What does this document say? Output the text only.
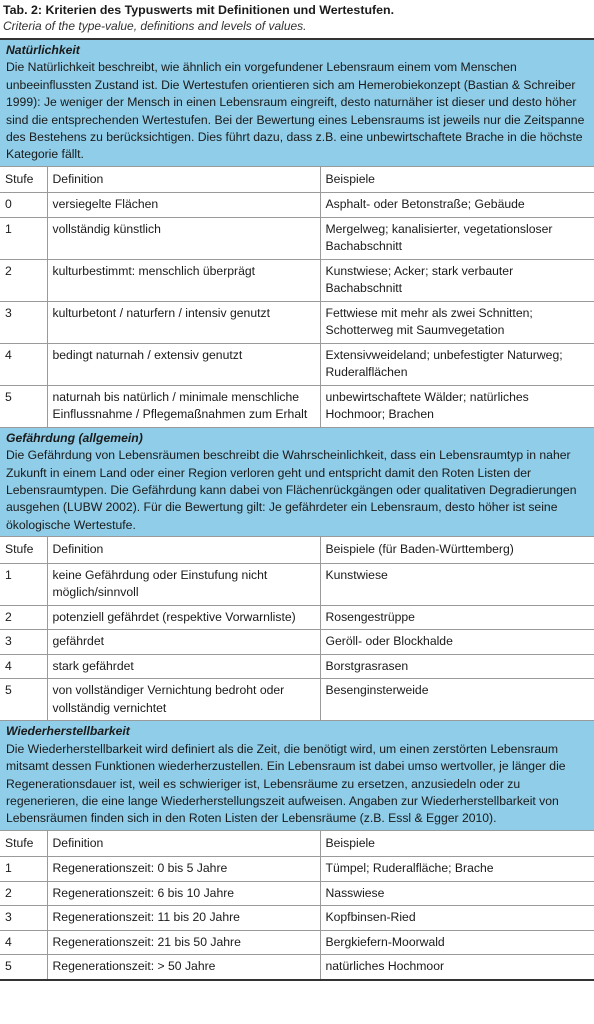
Tab. 2: Kriterien des Typuswerts mit Definitionen und Wertestufen.
Criteria of the type-value, definitions and levels of values.
Natürlichkeit
Die Natürlichkeit beschreibt, wie ähnlich ein vorgefundener Lebensraum einem vom Menschen unbeeinflussten Zustand ist. Die Wertestufen orientieren sich am Hemerobiekonzept (Bastian & Schreiber 1999): Je weniger der Mensch in einen Lebensraum eingreift, desto naturnäher ist dieser und desto höher sind die entsprechenden Wertestufen. Bei der Bewertung eines Lebensraums ist jeweils nur die Zeitspanne des Bestehens zu berücksichtigen. Dies führt dazu, dass z.B. eine unbewirtschaftete Brache in die höchste Kategorie fällt.		
Stufe	Definition	Beispiele
0	versiegelte Flächen	Asphalt- oder Betonstraße; Gebäude
1	vollständig künstlich	Mergelweg; kanalisierter, vegetationsloser Bachabschnitt
2	kulturbestimmt: menschlich überprägt	Kunstwiese; Acker; stark verbauter Bachabschnitt
3	kulturbetont / naturfern / intensiv genutzt	Fettwiese mit mehr als zwei Schnitten; Schotterweg mit Saumvegetation
4	bedingt naturnah / extensiv genutzt	Extensivweideland; unbefestigter Naturweg; Ruderalflächen
5	naturnah bis natürlich / minimale menschliche Einflussnahme / Pflegemaßnahmen zum Erhalt	unbewirtschaftete Wälder; natürliches Hochmoor; Brachen

Gefährdung (allgemein)
Die Gefährdung von Lebensräumen beschreibt die Wahrscheinlichkeit, dass ein Lebensraumtyp in naher Zukunft in einem Land oder einer Region verloren geht und entspricht damit den Roten Listen der Lebensraumtypen. Die Gefährdung kann dabei von Flächenrückgängen oder qualitativen Degradierungen ausgehen (LUBW 2002). Für die Bewertung gilt: Je gefährdeter ein Lebensraum, desto höher ist seine ökologische Wertestufe.		
Stufe	Definition	Beispiele (für Baden-Württemberg)
1	keine Gefährdung oder Einstufung nicht möglich/sinnvoll	Kunstwiese
2	potenziell gefährdet (respektive Vorwarnliste)	Rosengestrüppe
3	gefährdet	Geröll- oder Blockhalde
4	stark gefährdet	Borstgrasrasen
5	von vollständiger Vernichtung bedroht oder vollständig vernichtet	Besenginsterweide

Wiederherstellbarkeit
Die Wiederherstellbarkeit wird definiert als die Zeit, die benötigt wird, um einen zerstörten Lebensraum mitsamt dessen Funktionen wiederherzustellen. Ein Lebensraum ist dabei umso wertvoller, je länger die Regenerationsdauer ist, weil es schwieriger ist, Lebensräume zu ersetzen, anzusiedeln oder zu regenerieren, die eine lange Wiederherstellungszeit aufweisen. Angaben zur Wiederherstellbarkeit von Lebensräumen finden sich in den Roten Listen der Lebensräume (z.B. Essl & Egger 2010).		
Stufe	Definition	Beispiele
1	Regenerationszeit: 0 bis 5 Jahre	Tümpel; Ruderalfläche; Brache
2	Regenerationszeit: 6 bis 10 Jahre	Nasswiese
3	Regenerationszeit: 11 bis 20 Jahre	Kopfbinsen-Ried
4	Regenerationszeit: 21 bis 50 Jahre	Bergkiefern-Moorwald
5	Regenerationszeit: > 50 Jahre	natürliches Hochmoor
